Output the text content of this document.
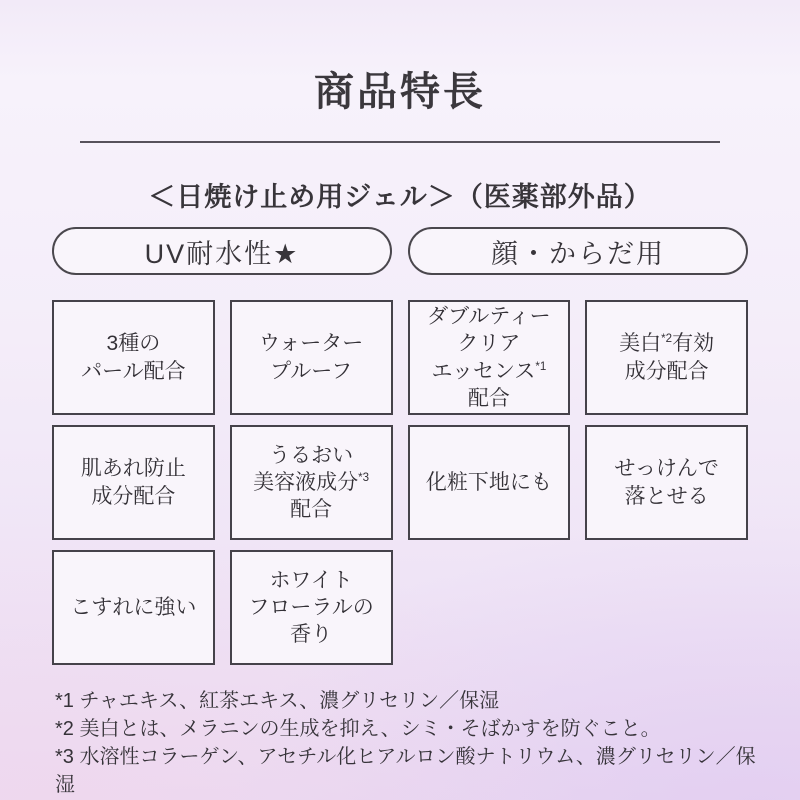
商品特長
＜日焼け止め用ジェル＞（医薬部外品）
UV耐水性★	顔・からだ用
3種の
パール配合
ウォーター
プルーフ
ダブルティー
クリア
エッセンス$^{*1}$
配合
美白$^{*2}$有効
成分配合
肌あれ防止
成分配合
うるおい
美容液成分$^{*3}$
配合
化粧下地にも
せっけんで
落とせる
こすれに強い
ホワイト
フローラルの
香り
*1 チャエキス、紅茶エキス、濃グリセリン／保湿
*2 美白とは、メラニンの生成を抑え、シミ・そばかすを防ぐこと。
*3 水溶性コラーゲン、アセチル化ヒアルロン酸ナトリウム、濃グリセリン／保湿
